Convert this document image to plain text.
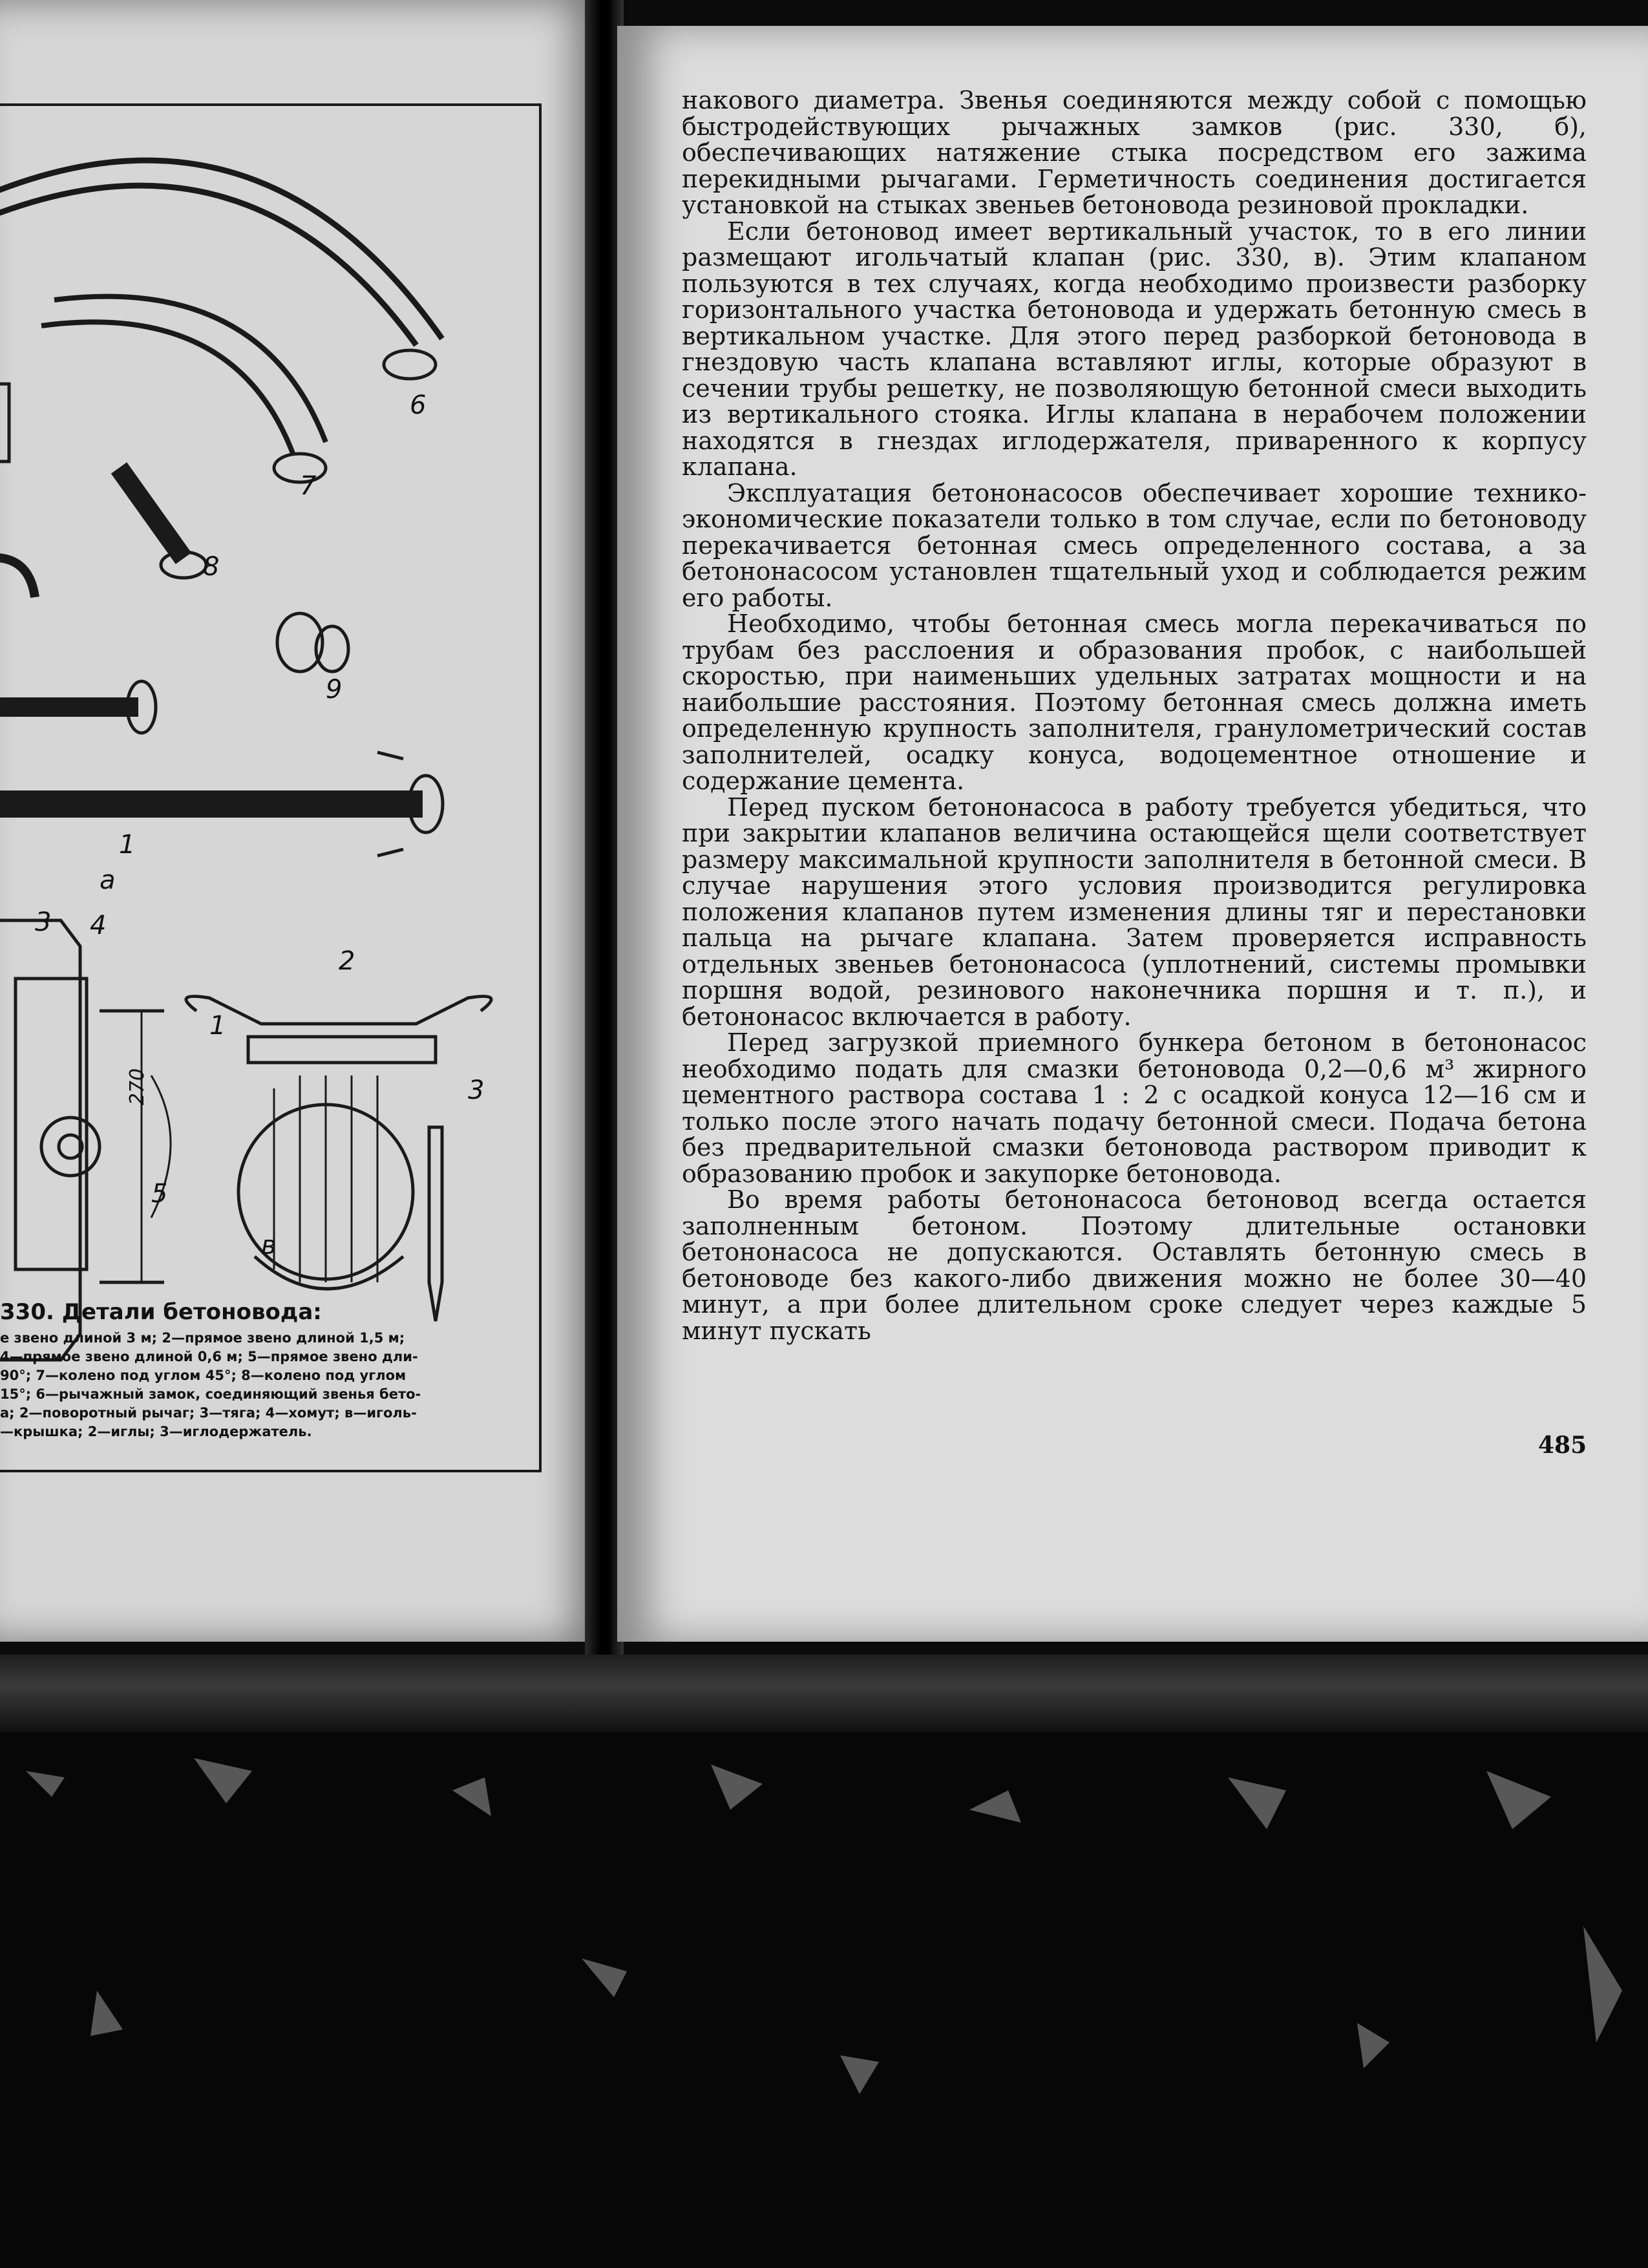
6
7
8
9
1
а
3 4
5
270
2
1
3
в

330. Детали бетоновода:

е звено длиной 3 м; 2—прямое звено длиной 1,5 м;

4—прямое звено длиной 0,6 м; 5—прямое звено дли-

90°; 7—колено под углом 45°; 8—колено под углом

15°; 6—рычажный замок, соединяющий звенья бето-

а; 2—поворотный рычаг; 3—тяга; 4—хомут; в—иголь-

—крышка; 2—иглы; 3—иглодержатель.

накового диаметра. Звенья соединяются между собой с помощью быстродействующих рычажных замков (рис. 330, б), обеспечивающих натяжение стыка посредством его зажима перекидными рычагами. Герметичность соединения достигается установкой на стыках звеньев бетоновода резиновой прокладки.

Если бетоновод имеет вертикальный участок, то в его линии размещают игольчатый клапан (рис. 330, в). Этим клапаном пользуются в тех случаях, когда необходимо произвести разборку горизонтального участка бетоновода и удержать бетонную смесь в вертикальном участке. Для этого перед разборкой бетоновода в гнездовую часть клапана вставляют иглы, которые образуют в сечении трубы решетку, не позволяющую бетонной смеси выходить из вертикального стояка. Иглы клапана в нерабочем положении находятся в гнездах иглодержателя, приваренного к корпусу клапана.

Эксплуатация бетононасосов обеспечивает хорошие технико-экономические показатели только в том случае, если по бетоноводу перекачивается бетонная смесь определенного состава, а за бетононасосом установлен тщательный уход и соблюдается режим его работы.

Необходимо, чтобы бетонная смесь могла перекачиваться по трубам без расслоения и образования пробок, с наибольшей скоростью, при наименьших удельных затратах мощности и на наибольшие расстояния. Поэтому бетонная смесь должна иметь определенную крупность заполнителя, гранулометрический состав заполнителей, осадку конуса, водоцементное отношение и содержание цемента.

Перед пуском бетононасоса в работу требуется убедиться, что при закрытии клапанов величина остающейся щели соответствует размеру максимальной крупности заполнителя в бетонной смеси. В случае нарушения этого условия производится регулировка положения клапанов путем изменения длины тяг и перестановки пальца на рычаге клапана. Затем проверяется исправность отдельных звеньев бетононасоса (уплотнений, системы промывки поршня водой, резинового наконечника поршня и т. п.), и бетононасос включается в работу.

Перед загрузкой приемного бункера бетоном в бетононасос необходимо подать для смазки бетоновода 0,2—0,6 м³ жирного цементного раствора состава 1 : 2 с осадкой конуса 12—16 см и только после этого начать подачу бетонной смеси. Подача бетона без предварительной смазки бетоновода раствором приводит к образованию пробок и закупорке бетоновода.

Во время работы бетононасоса бетоновод всегда остается заполненным бетоном. Поэтому длительные остановки бетононасоса не допускаются. Оставлять бетонную смесь в бетоноводе без какого-либо движения можно не более 30—40 минут, а при более длительном сроке следует через каждые 5 минут пускать

485
